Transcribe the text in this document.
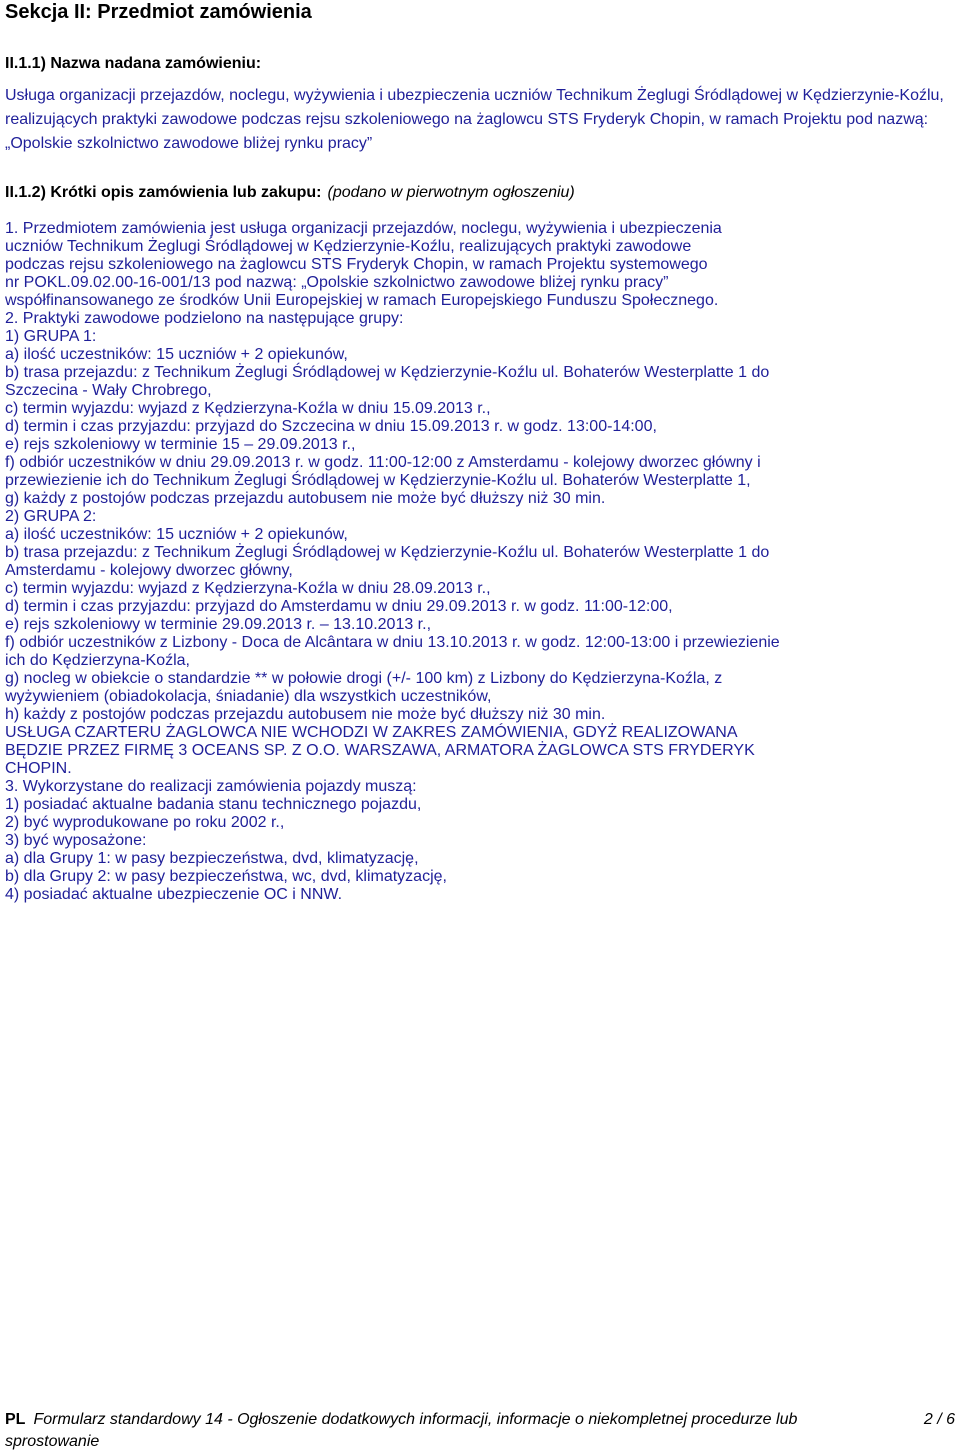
Sekcja II: Przedmiot zamówienia
II.1.1) Nazwa nadana zamówieniu:
Usługa organizacji przejazdów, noclegu, wyżywienia i ubezpieczenia uczniów Technikum Żeglugi Śródlądowej w Kędzierzynie-Koźlu, realizujących praktyki zawodowe podczas rejsu szkoleniowego na żaglowcu STS Fryderyk Chopin, w ramach Projektu pod nazwą: „Opolskie szkolnictwo zawodowe bliżej rynku pracy”
II.1.2) Krótki opis zamówienia lub zakupu: (podano w pierwotnym ogłoszeniu)
1. Przedmiotem zamówienia jest usługa organizacji przejazdów, noclegu, wyżywienia i ubezpieczenia
uczniów Technikum Żeglugi Śródlądowej w Kędzierzynie-Koźlu, realizujących praktyki zawodowe
podczas rejsu szkoleniowego na żaglowcu STS Fryderyk Chopin, w ramach Projektu systemowego
nr POKL.09.02.00-16-001/13 pod nazwą: „Opolskie szkolnictwo zawodowe bliżej rynku pracy”
współfinansowanego ze środków Unii Europejskiej w ramach Europejskiego Funduszu Społecznego.
2. Praktyki zawodowe podzielono na następujące grupy:
1) GRUPA 1:
a) ilość uczestników: 15 uczniów + 2 opiekunów,
b) trasa przejazdu: z Technikum Żeglugi Śródlądowej w Kędzierzynie-Koźlu ul. Bohaterów Westerplatte 1 do
Szczecina - Wały Chrobrego,
c) termin wyjazdu: wyjazd z Kędzierzyna-Koźla w dniu 15.09.2013 r.,
d) termin i czas przyjazdu: przyjazd do Szczecina w dniu 15.09.2013 r. w godz. 13:00-14:00,
e) rejs szkoleniowy w terminie 15 – 29.09.2013 r.,
f) odbiór uczestników w dniu 29.09.2013 r. w godz. 11:00-12:00 z Amsterdamu - kolejowy dworzec główny i
przewiezienie ich do Technikum Żeglugi Śródlądowej w Kędzierzynie-Koźlu ul. Bohaterów Westerplatte 1,
g) każdy z postojów podczas przejazdu autobusem nie może być dłuższy niż 30 min.
2) GRUPA 2:
a) ilość uczestników: 15 uczniów + 2 opiekunów,
b) trasa przejazdu: z Technikum Żeglugi Śródlądowej w Kędzierzynie-Koźlu ul. Bohaterów Westerplatte 1 do
Amsterdamu - kolejowy dworzec główny,
c) termin wyjazdu: wyjazd z Kędzierzyna-Koźla w dniu 28.09.2013 r.,
d) termin i czas przyjazdu: przyjazd do Amsterdamu w dniu 29.09.2013 r. w godz. 11:00-12:00,
e) rejs szkoleniowy w terminie 29.09.2013 r. – 13.10.2013 r.,
f) odbiór uczestników z Lizbony - Doca de Alcântara w dniu 13.10.2013 r. w godz. 12:00-13:00 i przewiezienie
ich do Kędzierzyna-Koźla,
g) nocleg w obiekcie o standardzie ** w połowie drogi (+/- 100 km) z Lizbony do Kędzierzyna-Koźla, z
wyżywieniem (obiadokolacja, śniadanie) dla wszystkich uczestników,
h) każdy z postojów podczas przejazdu autobusem nie może być dłuższy niż 30 min.
USŁUGA CZARTERU ŻAGLOWCA NIE WCHODZI W ZAKRES ZAMÓWIENIA, GDYŻ REALIZOWANA
BĘDZIE PRZEZ FIRMĘ 3 OCEANS SP. Z O.O. WARSZAWA, ARMATORA ŻAGLOWCA STS FRYDERYK
CHOPIN.
3. Wykorzystane do realizacji zamówienia pojazdy muszą:
1) posiadać aktualne badania stanu technicznego pojazdu,
2) być wyprodukowane po roku 2002 r.,
3) być wyposażone:
a) dla Grupy 1: w pasy bezpieczeństwa, dvd, klimatyzację,
b) dla Grupy 2: w pasy bezpieczeństwa, wc, dvd, klimatyzację,
4) posiadać aktualne ubezpieczenie OC i NNW.
PL Formularz standardowy 14 - Ogłoszenie dodatkowych informacji, informacje o niekompletnej procedurze lub sprostowanie
2 / 6
